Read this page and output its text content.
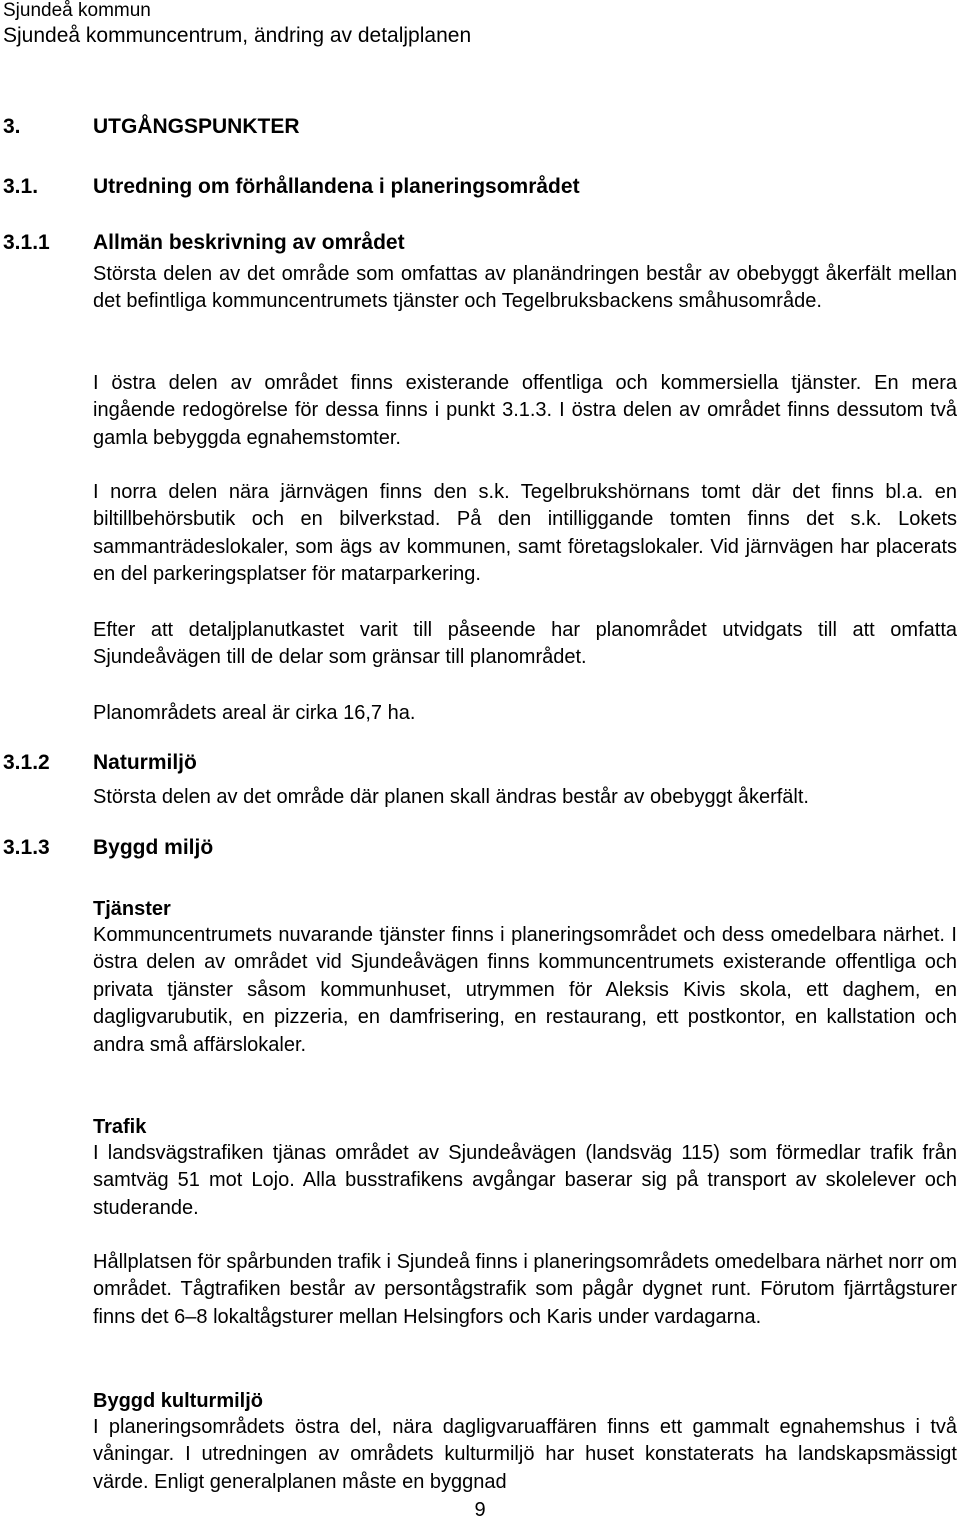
Sjundeå kommun
Sjundeå kommuncentrum, ändring av detaljplanen
3.	UTGÅNGSPUNKTER
3.1.	Utredning om förhållandena i planeringsområdet
3.1.1 Allmän beskrivning av området

Största delen av det område som omfattas av planändringen består av obebyggt åkerfält mellan det befintliga kommuncentrumets tjänster och Tegelbruksbackens småhusområde.

I östra delen av området finns existerande offentliga och kommersiella tjänster. En mera ingående redogörelse för dessa finns i punkt 3.1.3. I östra delen av området finns dessutom två gamla bebyggda egnahemstomter.

I norra delen nära järnvägen finns den s.k. Tegelbrukshörnans tomt där det finns bl.a. en biltillbehörsbutik och en bilverkstad. På den intilliggande tomten finns det s.k. Lokets sammanträdeslokaler, som ägs av kommunen, samt företagslokaler. Vid järnvägen har placerats en del parkeringsplatser för matarparkering.

Efter att detaljplanutkastet varit till påseende har planområdet utvidgats till att omfatta Sjundeåvägen till de delar som gränsar till planområdet.

Planområdets areal är cirka 16,7 ha.

3.1.2 Naturmiljö

Största delen av det område där planen skall ändras består av obebyggt åkerfält.

3.1.3 Byggd miljö
Tjänster

Kommuncentrumets nuvarande tjänster finns i planeringsområdet och dess omedelbara närhet. I östra delen av området vid Sjundeåvägen finns kommuncentrumets existerande offentliga och privata tjänster såsom kommunhuset, utrymmen för Aleksis Kivis skola, ett daghem, en dagligvarubutik, en pizzeria, en damfrisering, en restaurang, ett postkontor, en kallstation och andra små affärslokaler.

Trafik

I landsvägstrafiken tjänas området av Sjundeåvägen (landsväg 115) som förmedlar trafik från samtväg 51 mot Lojo. Alla busstrafikens avgångar baserar sig på transport av skolelever och studerande.

Hållplatsen för spårbunden trafik i Sjundeå finns i planeringsområdets omedelbara närhet norr om området. Tågtrafiken består av persontågstrafik som pågår dygnet runt. Förutom fjärrtågsturer finns det 6–8 lokaltågsturer mellan Helsingfors och Karis under vardagarna.

Byggd kulturmiljö

I planeringsområdets östra del, nära dagligvaruaffären finns ett gammalt egnahemshus i två våningar. I utredningen av områdets kulturmiljö har huset konstaterats ha landskapsmässigt värde. Enligt generalplanen måste en byggnad

9
